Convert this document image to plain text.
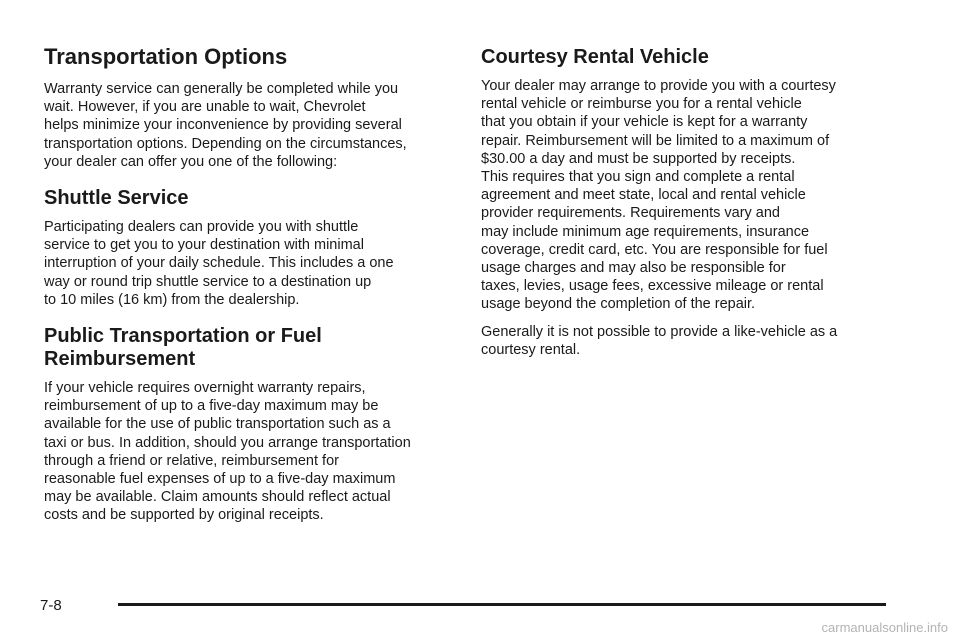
Transportation Options

Warranty service can generally be completed while you
wait. However, if you are unable to wait, Chevrolet
helps minimize your inconvenience by providing several
transportation options. Depending on the circumstances,
your dealer can offer you one of the following:

Shuttle Service

Participating dealers can provide you with shuttle
service to get you to your destination with minimal
interruption of your daily schedule. This includes a one
way or round trip shuttle service to a destination up
to 10 miles (16 km) from the dealership.

Public Transportation or Fuel
Reimbursement

If your vehicle requires overnight warranty repairs,
reimbursement of up to a five-day maximum may be
available for the use of public transportation such as a
taxi or bus. In addition, should you arrange transportation
through a friend or relative, reimbursement for
reasonable fuel expenses of up to a five-day maximum
may be available. Claim amounts should reflect actual
costs and be supported by original receipts.

Courtesy Rental Vehicle

Your dealer may arrange to provide you with a courtesy
rental vehicle or reimburse you for a rental vehicle
that you obtain if your vehicle is kept for a warranty
repair. Reimbursement will be limited to a maximum of
$30.00 a day and must be supported by receipts.
This requires that you sign and complete a rental
agreement and meet state, local and rental vehicle
provider requirements. Requirements vary and
may include minimum age requirements, insurance
coverage, credit card, etc. You are responsible for fuel
usage charges and may also be responsible for
taxes, levies, usage fees, excessive mileage or rental
usage beyond the completion of the repair.

Generally it is not possible to provide a like-vehicle as a
courtesy rental.

7-8
carmanualsonline.info
